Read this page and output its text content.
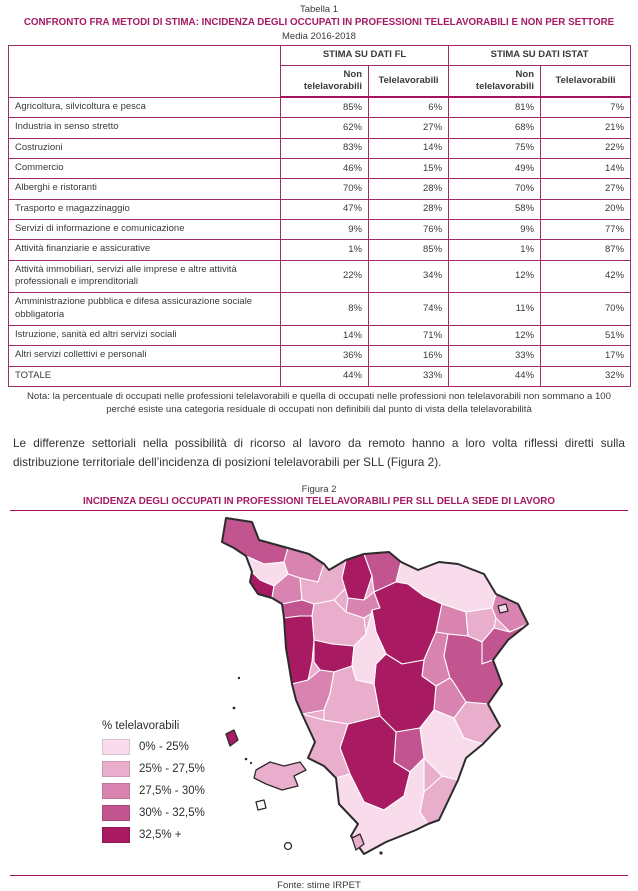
Tabella 1
CONFRONTO FRA METODI DI STIMA: INCIDENZA DEGLI OCCUPATI IN PROFESSIONI TELELAVORABILI E NON PER SETTORE
Media 2016-2018
	STIMA SU DATI FL		STIMA SU DATI ISTAT	
	Non telelavorabili	Telelavorabili	Non telelavorabili	Telelavorabili
Agricoltura, silvicoltura e pesca	85%	6%	81%	7%
Industria in senso stretto	62%	27%	68%	21%
Costruzioni	83%	14%	75%	22%
Commercio	46%	15%	49%	14%
Alberghi e ristoranti	70%	28%	70%	27%
Trasporto e magazzinaggio	47%	28%	58%	20%
Servizi di informazione e comunicazione	9%	76%	9%	77%
Attività finanziarie e assicurative	1%	85%	1%	87%
Attività immobiliari, servizi alle imprese e altre attività professionali e imprenditoriali	22%	34%	12%	42%
Amministrazione pubblica e difesa assicurazione sociale obbligatoria	8%	74%	11%	70%
Istruzione, sanità ed altri servizi sociali	14%	71%	12%	51%
Altri servizi collettivi e personali	36%	16%	33%	17%
TOTALE	44%	33%	44%	32%
Nota: la percentuale di occupati nelle professioni telelavorabili e quella di occupati nelle professioni non telelavorabili non sommano a 100 perché esiste una categoria residuale di occupati non definibili dal punto di vista della telelavorabilità
Le differenze settoriali nella possibilità di ricorso al lavoro da remoto hanno a loro volta riflessi diretti sulla distribuzione territoriale dell’incidenza di posizioni telelavorabili per SLL (Figura 2).
Figura 2
INCIDENZA DEGLI OCCUPATI IN PROFESSIONI TELELAVORABILI PER SLL DELLA SEDE DI LAVORO
% telelavorabili
0% - 25%
25% - 27,5%
27,5% - 30%
30% - 32,5%
32,5% +
Fonte: stime IRPET
